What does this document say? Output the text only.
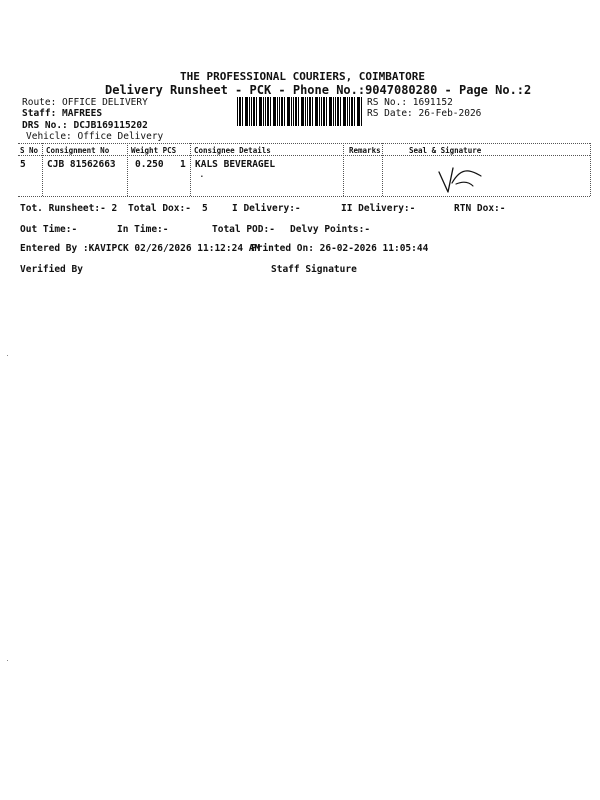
THE PROFESSIONAL COURIERS, COIMBATORE
Delivery Runsheet - PCK - Phone No.:9047080280 - Page No.:2
Route: OFFICE DELIVERY
Staff: MAFREES
DRS No.: DCJB169115202
Vehicle: Office Delivery
RS No.: 1691152
RS Date: 26-Feb-2026
S No Consignment No	Weight PCS Consignee Details	Remarks	Seal & Signature
5 CJB 81562663 0.250 1 KALS BEVERAGEL
.
Tot. Runsheet:- 2 Total Dox:- 5	I Delivery:-	II Delivery:-	RTN Dox:-
Out Time:-	In Time:-	Total POD:- Delvy Points:-
Entered By :KAVIPCK 02/26/2026 11:12:24 AM
Printed On: 26-02-2026 11:05:44
Verified By	Staff Signature
